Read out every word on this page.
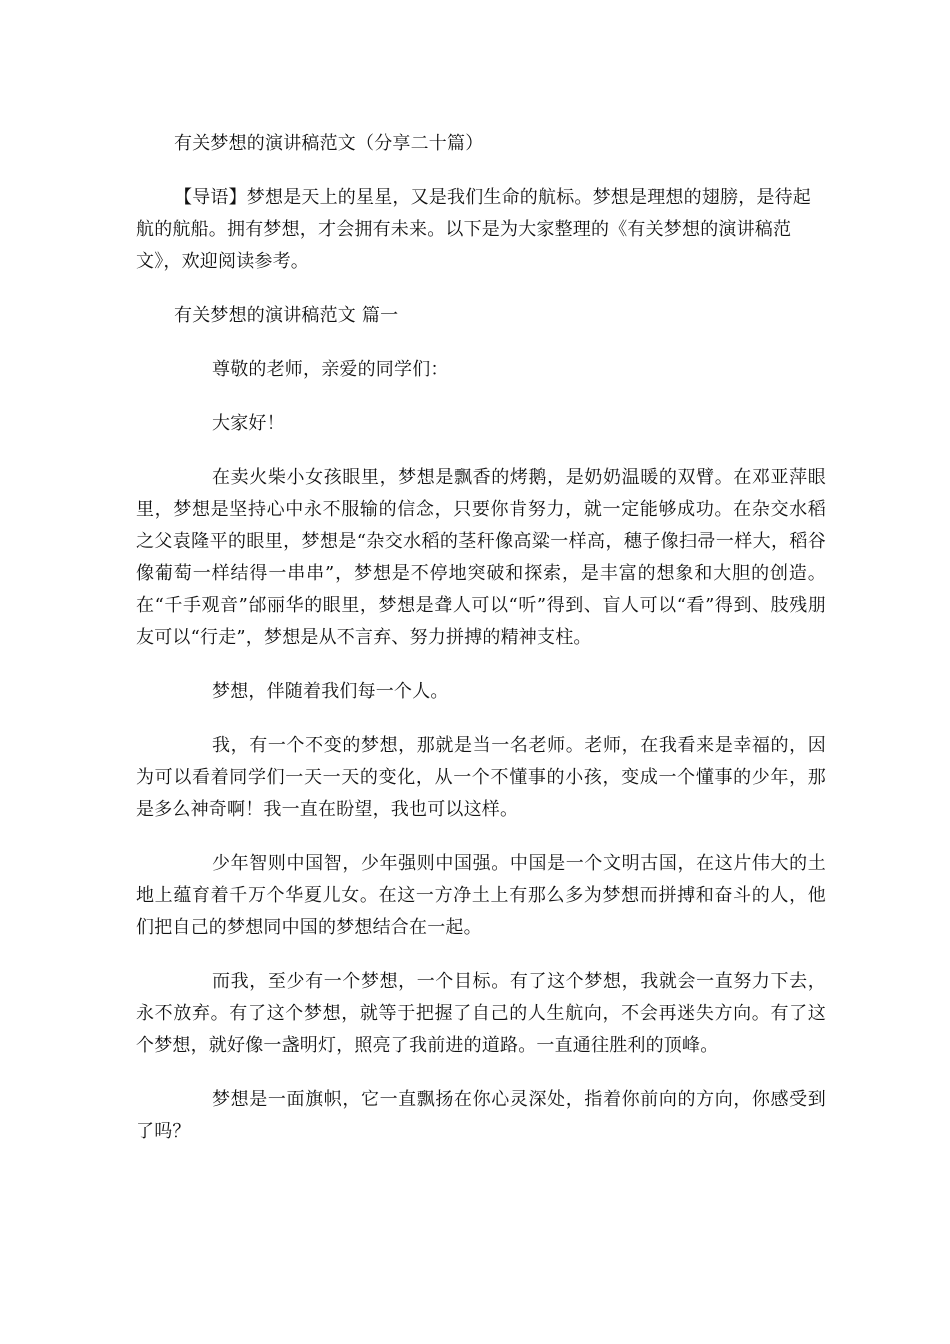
有关梦想的演讲稿范文（分享二十篇）

【导语】梦想是天上的星星，又是我们生命的航标。梦想是理想的翅膀，是待起航的航船。拥有梦想，才会拥有未来。以下是为大家整理的《有关梦想的演讲稿范文》，欢迎阅读参考。

有关梦想的演讲稿范文 篇一

尊敬的老师，亲爱的同学们：

大家好！

在卖火柴小女孩眼里，梦想是飘香的烤鹅，是奶奶温暖的双臂。在邓亚萍眼里，梦想是坚持心中永不服输的信念，只要你肯努力，就一定能够成功。在杂交水稻之父袁隆平的眼里，梦想是“杂交水稻的茎秆像高粱一样高，穗子像扫帚一样大，稻谷像葡萄一样结得一串串”，梦想是不停地突破和探索，是丰富的想象和大胆的创造。在“千手观音”邰丽华的眼里，梦想是聋人可以“听”得到、盲人可以“看”得到、肢残朋友可以“行走”，梦想是从不言弃、努力拼搏的精神支柱。

梦想，伴随着我们每一个人。

我，有一个不变的梦想，那就是当一名老师。老师，在我看来是幸福的，因为可以看着同学们一天一天的变化，从一个不懂事的小孩，变成一个懂事的少年，那是多么神奇啊！我一直在盼望，我也可以这样。

少年智则中国智，少年强则中国强。中国是一个文明古国，在这片伟大的土地上蕴育着千万个华夏儿女。在这一方净土上有那么多为梦想而拼搏和奋斗的人，他们把自己的梦想同中国的梦想结合在一起。

而我，至少有一个梦想，一个目标。有了这个梦想，我就会一直努力下去，永不放弃。有了这个梦想，就等于把握了自己的人生航向，不会再迷失方向。有了这个梦想，就好像一盏明灯，照亮了我前进的道路。一直通往胜利的顶峰。

梦想是一面旗帜，它一直飘扬在你心灵深处，指着你前向的方向，你感受到了吗？
